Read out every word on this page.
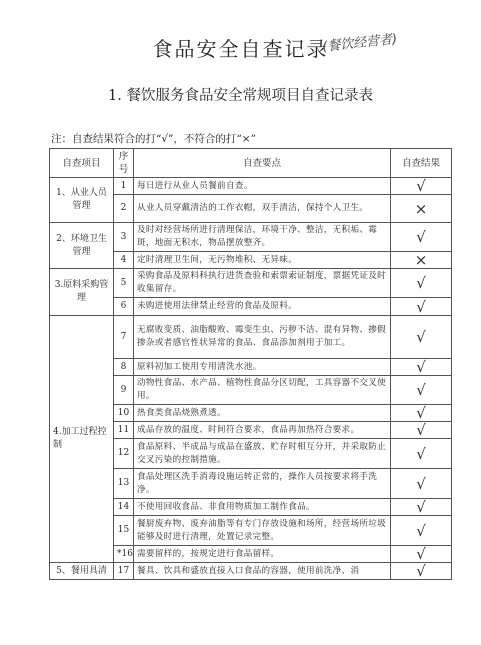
食品安全自查记录
(餐饮经营者)
1. 餐饮服务食品安全常规项目自查记录表
注：自查结果符合的打“√”，不符合的打“×”
自查项目	序号	自查要点	自查结果
1、从业人员管理	1	每日进行从业人员餐前自查。	√
	2	从业人员穿戴清洁的工作衣帽，双手清洁，保持个人卫生。	×
2、环境卫生管理	3	及时对经营场所进行清理保洁，环境干净、整洁，无积垢、霉斑，地面无积水，物品摆放整齐。	√
	4	定时清理卫生间，无污物堆积、无异味。	×
3.原料采购管理	5	采购食品及原料科执行进货查验和索票索证制度，票据凭证及时收集留存。	√
	6	未购进使用法律禁止经营的食品及原料。	√
4.加工过程控制	7	无腐败变质、油脂酸败、霉变生虫、污秽不洁、混有异物、掺假掺杂或者感官性状异常的食品、食品添加剂用于加工。	√
	8	原料初加工使用专用清洗水池。	√
	9	动物性食品、水产品、植物性食品分区切配，工具容器不交叉使用。	√
	10	热食类食品烧熟煮透。	√
	11	成品存放的温度、时间符合要求，食品再加热符合要求。	√
	12	食品原料、半成品与成品在盛放、贮存时相互分开，并采取防止交叉污染的控制措施。	√
	13	食品处理区洗手消毒设施运转正常的，操作人员按要求将手洗净。	√
	14	不使用回收食品、非食用物质加工制作食品。	√
	15	餐厨废弃物、废弃油脂等有专门存放设施和场所，经营场所垃圾能够及时进行清理，处置记录完整。	√
	*16	需要留样的，按规定进行食品留样。	√
5、餐用具清	17	餐具、饮具和盛放直接入口食品的容器，使用前洗净、消	√
